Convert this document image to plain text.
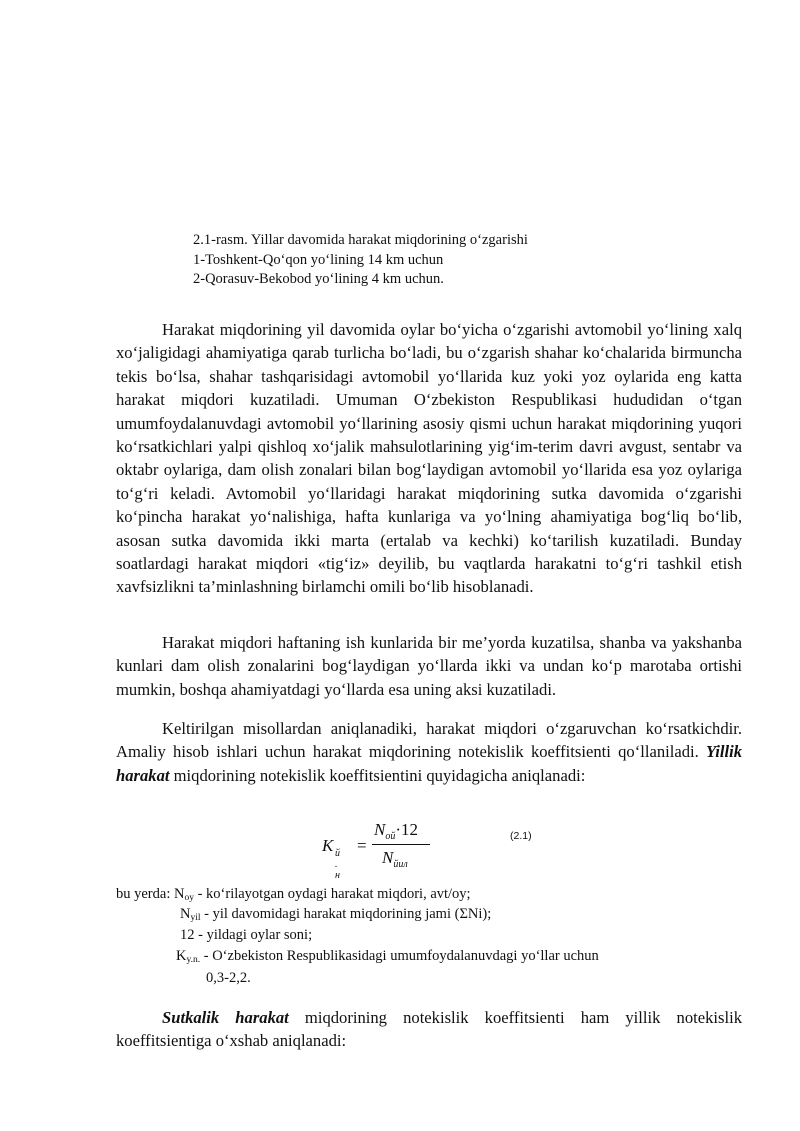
2.1-rasm. Yillar davomida harakat miqdorining o‘zgarishi
1-Toshkent-Qo‘qon yo‘lining 14 km uchun
2-Qorasuv-Bekobod yo‘lining 4 km uchun.

Harakat miqdorining yil davomida oylar bo‘yicha o‘zgarishi avtomobil yo‘lining xalq xo‘jaligidagi ahamiyatiga qarab turlicha bo‘ladi, bu o‘zgarish shahar ko‘chalarida birmuncha tekis bo‘lsa, shahar tashqarisidagi avtomobil yo‘llarida kuz yoki yoz oylarida eng katta harakat miqdori kuzatiladi. Umuman O‘zbekiston Respublikasi hududidan o‘tgan umumfoydalanuvdagi avtomobil yo‘llarining asosiy qismi uchun harakat miqdorining yuqori ko‘rsatkichlari yalpi qishloq xo‘jalik mahsulotlarining yig‘im-terim davri avgust, sentabr va oktabr oylariga, dam olish zonalari bilan bog‘laydigan avtomobil yo‘llarida esa yoz oylariga to‘g‘ri keladi. Avtomobil yo‘llaridagi harakat miqdorining sutka davomida o‘zgarishi ko‘pincha harakat yo‘nalishiga, hafta kunlariga va yo‘lning ahamiyatiga bog‘liq bo‘lib, asosan sutka davomida ikki marta (ertalab va kechki) ko‘tarilish kuzatiladi. Bunday soatlardagi harakat miqdori «tig‘iz» deyilib, bu vaqtlarda harakatni to‘g‘ri tashkil etish xavfsizlikni ta’minlashning birlamchi omili bo‘lib hisoblanadi.

Harakat miqdori haftaning ish kunlarida bir me’yorda kuzatilsa, shanba va yakshanba kunlari dam olish zonalarini bog‘laydigan yo‘llarda ikki va undan ko‘p marotaba ortishi mumkin, boshqa ahamiyatdagi yo‘llarda esa uning aksi kuzatiladi.

Keltirilgan misollardan aniqlanadiki, harakat miqdori o‘zgaruvchan ko‘rsatkichdir. Amaliy hisob ishlari uchun harakat miqdorining notekislik koeffitsienti qo‘llaniladi. Yillik harakat miqdorining notekislik koeffitsientini quyidagicha aniqlanadi:

K й . н
=
$N_{ой}\cdot 12$
$N_{йил}$
(2.1)
bu yerda: Noy - ko‘rilayotgan oydagi harakat miqdori, avt/oy;
Nyil - yil davomidagi harakat miqdorining jami (ΣNi);
12 - yildagi oylar soni;
Ky.n. - O‘zbekiston Respublikasidagi umumfoydalanuvdagi yo‘llar uchun
0,3-2,2.

Sutkalik harakat miqdorining notekislik koeffitsienti ham yillik notekislik koeffitsientiga o‘xshab aniqlanadi:
